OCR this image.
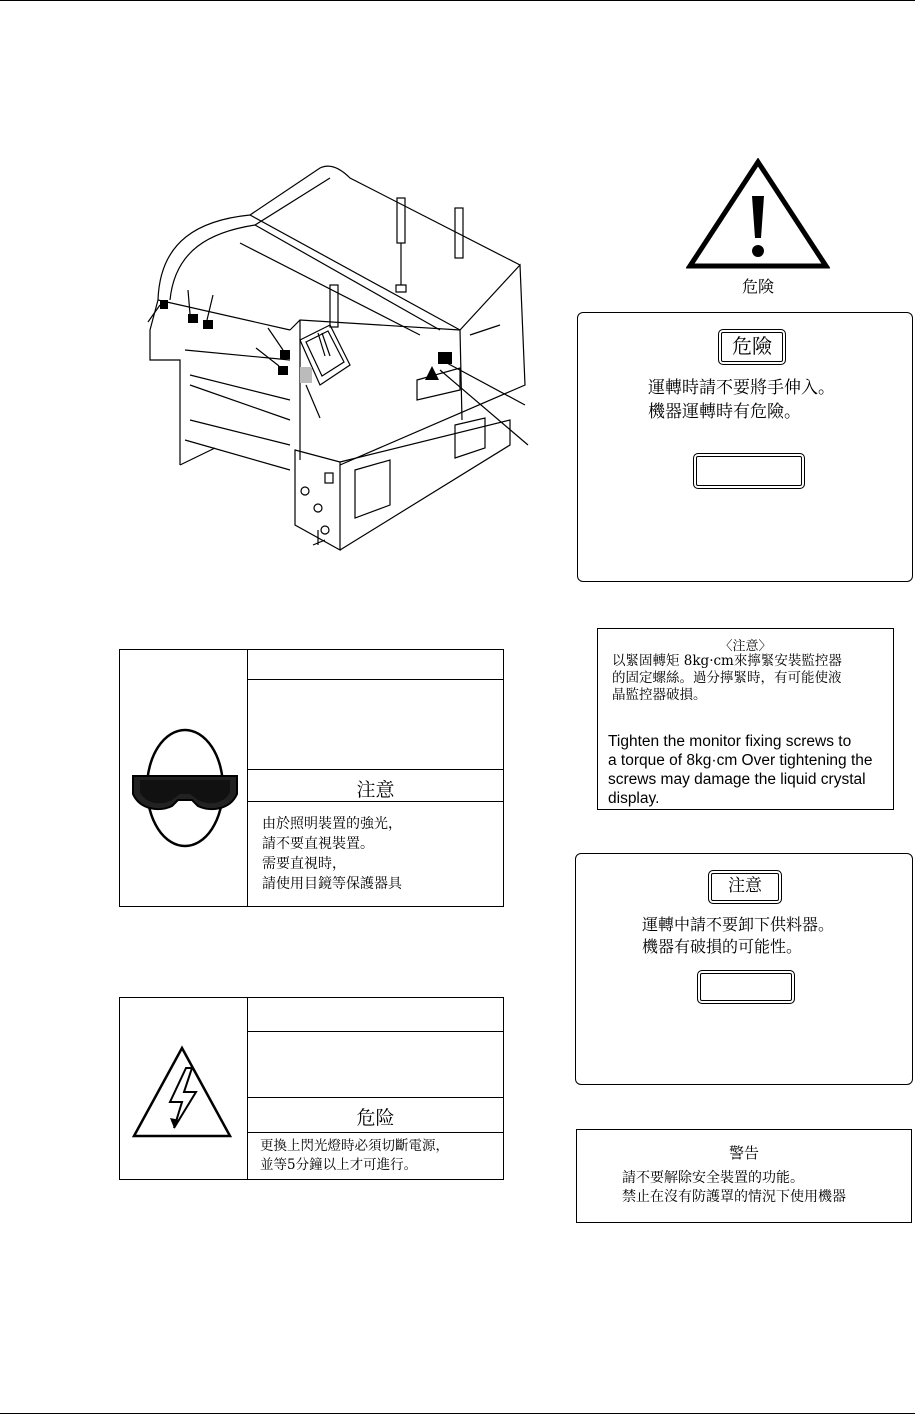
危険
危險
運轉時請不要將手伸入。
機器運轉時有危險。
〈注意〉
以緊固轉矩 8kg·cm來擰緊安裝監控器
的固定螺絲。過分擰緊時，有可能使液
晶監控器破損。
Tighten the monitor fixing screws to
a torque of 8kg·cm Over tightening the
screws may damage the liquid crystal
display.
注意
由於照明裝置的強光，
請不要直視裝置。
需要直視時，
請使用目鏡等保護器具	注意
運轉中請不要卸下供料器。
機器有破損的可能性。
危险
更換上閃光燈時必須切斷電源，
並等5分鐘以上才可進行。
警告
請不要解除安全裝置的功能。
禁止在沒有防護罩的情況下使用機器
